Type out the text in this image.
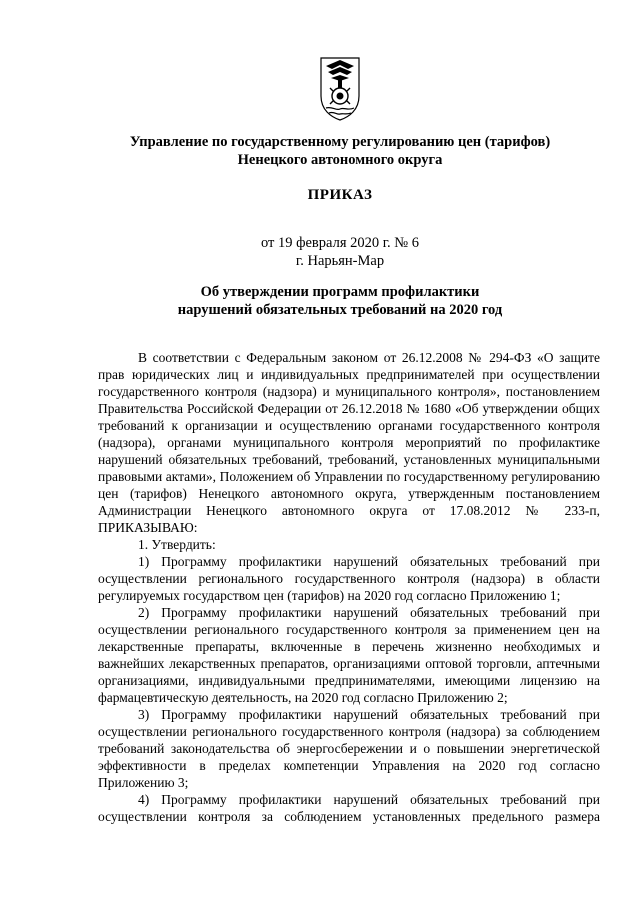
Управление по государственному регулированию цен (тарифов)
Ненецкого автономного округа
ПРИКАЗ
от 19 февраля 2020 г. № 6
г. Нарьян-Мар
Об утверждении программ профилактики
нарушений обязательных требований на 2020 год

В соответствии с Федеральным законом от 26.12.2008 № 294-ФЗ «О защите прав юридических лиц и индивидуальных предпринимателей при осуществлении государственного контроля (надзора) и муниципального контроля», постановлением Правительства Российской Федерации от 26.12.2018 № 1680 «Об утверждении общих требований к организации и осуществлению органами государственного контроля (надзора), органами муниципального контроля мероприятий по профилактике нарушений обязательных требований, требований, установленных муниципальными правовыми актами», Положением об Управлении по государственному регулированию цен (тарифов) Ненецкого автономного округа, утвержденным постановлением Администрации Ненецкого автономного округа от 17.08.2012 № 233-п, ПРИКАЗЫВАЮ:

1. Утвердить:

1) Программу профилактики нарушений обязательных требований при осуществлении регионального государственного контроля (надзора) в области регулируемых государством цен (тарифов) на 2020 год согласно Приложению 1;

2) Программу профилактики нарушений обязательных требований при осуществлении регионального государственного контроля за применением цен на лекарственные препараты, включенные в перечень жизненно необходимых и важнейших лекарственных препаратов, организациями оптовой торговли, аптечными организациями, индивидуальными предпринимателями, имеющими лицензию на фармацевтическую деятельность, на 2020 год согласно Приложению 2;

3) Программу профилактики нарушений обязательных требований при осуществлении регионального государственного контроля (надзора) за соблюдением требований законодательства об энергосбережении и о повышении энергетической эффективности в пределах компетенции Управления на 2020 год согласно Приложению 3;

4) Программу профилактики нарушений обязательных требований при осуществлении контроля за соблюдением установленных предельного размера
